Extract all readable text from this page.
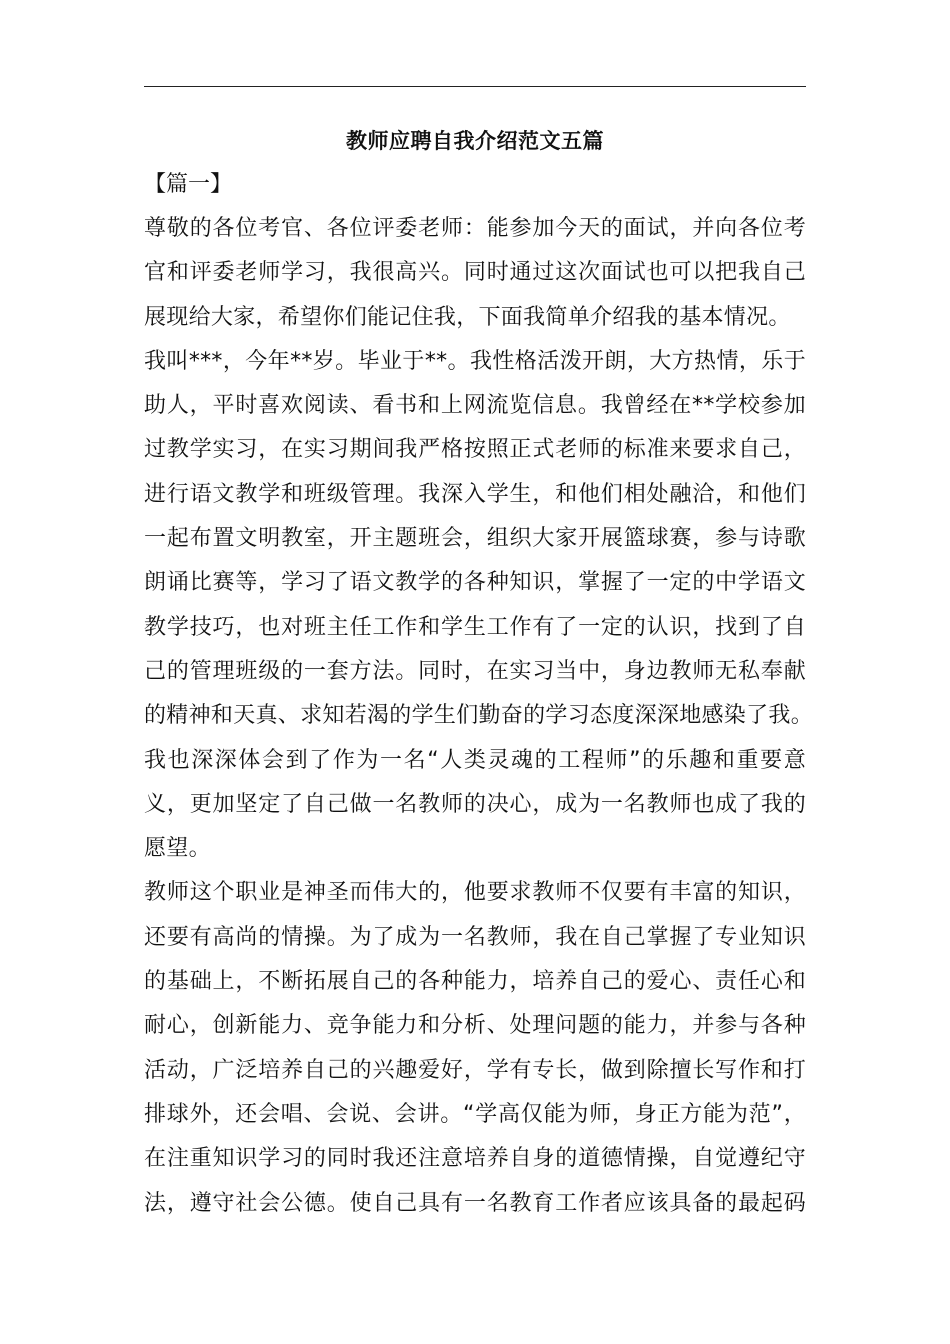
教师应聘自我介绍范文五篇
【篇一】
尊敬的各位考官、各位评委老师：能参加今天的面试，并向各位考
官和评委老师学习，我很高兴。同时通过这次面试也可以把我自己
展现给大家，希望你们能记住我，下面我简单介绍我的基本情况。
我叫***，今年**岁。毕业于**。我性格活泼开朗，大方热情，乐于
助人，平时喜欢阅读、看书和上网流览信息。我曾经在**学校参加
过教学实习，在实习期间我严格按照正式老师的标准来要求自己，
进行语文教学和班级管理。我深入学生，和他们相处融洽，和他们
一起布置文明教室，开主题班会，组织大家开展篮球赛，参与诗歌
朗诵比赛等，学习了语文教学的各种知识，掌握了一定的中学语文
教学技巧，也对班主任工作和学生工作有了一定的认识，找到了自
己的管理班级的一套方法。同时，在实习当中，身边教师无私奉献
的精神和天真、求知若渴的学生们勤奋的学习态度深深地感染了我。
我也深深体会到了作为一名“人类灵魂的工程师”的乐趣和重要意
义，更加坚定了自己做一名教师的决心，成为一名教师也成了我的
愿望。
教师这个职业是神圣而伟大的，他要求教师不仅要有丰富的知识，
还要有高尚的情操。为了成为一名教师，我在自己掌握了专业知识
的基础上，不断拓展自己的各种能力，培养自己的爱心、责任心和
耐心，创新能力、竞争能力和分析、处理问题的能力，并参与各种
活动，广泛培养自己的兴趣爱好，学有专长，做到除擅长写作和打
排球外，还会唱、会说、会讲。“学高仅能为师，身正方能为范”，
在注重知识学习的同时我还注意培养自身的道德情操，自觉遵纪守
法，遵守社会公德。使自己具有一名教育工作者应该具备的最起码
